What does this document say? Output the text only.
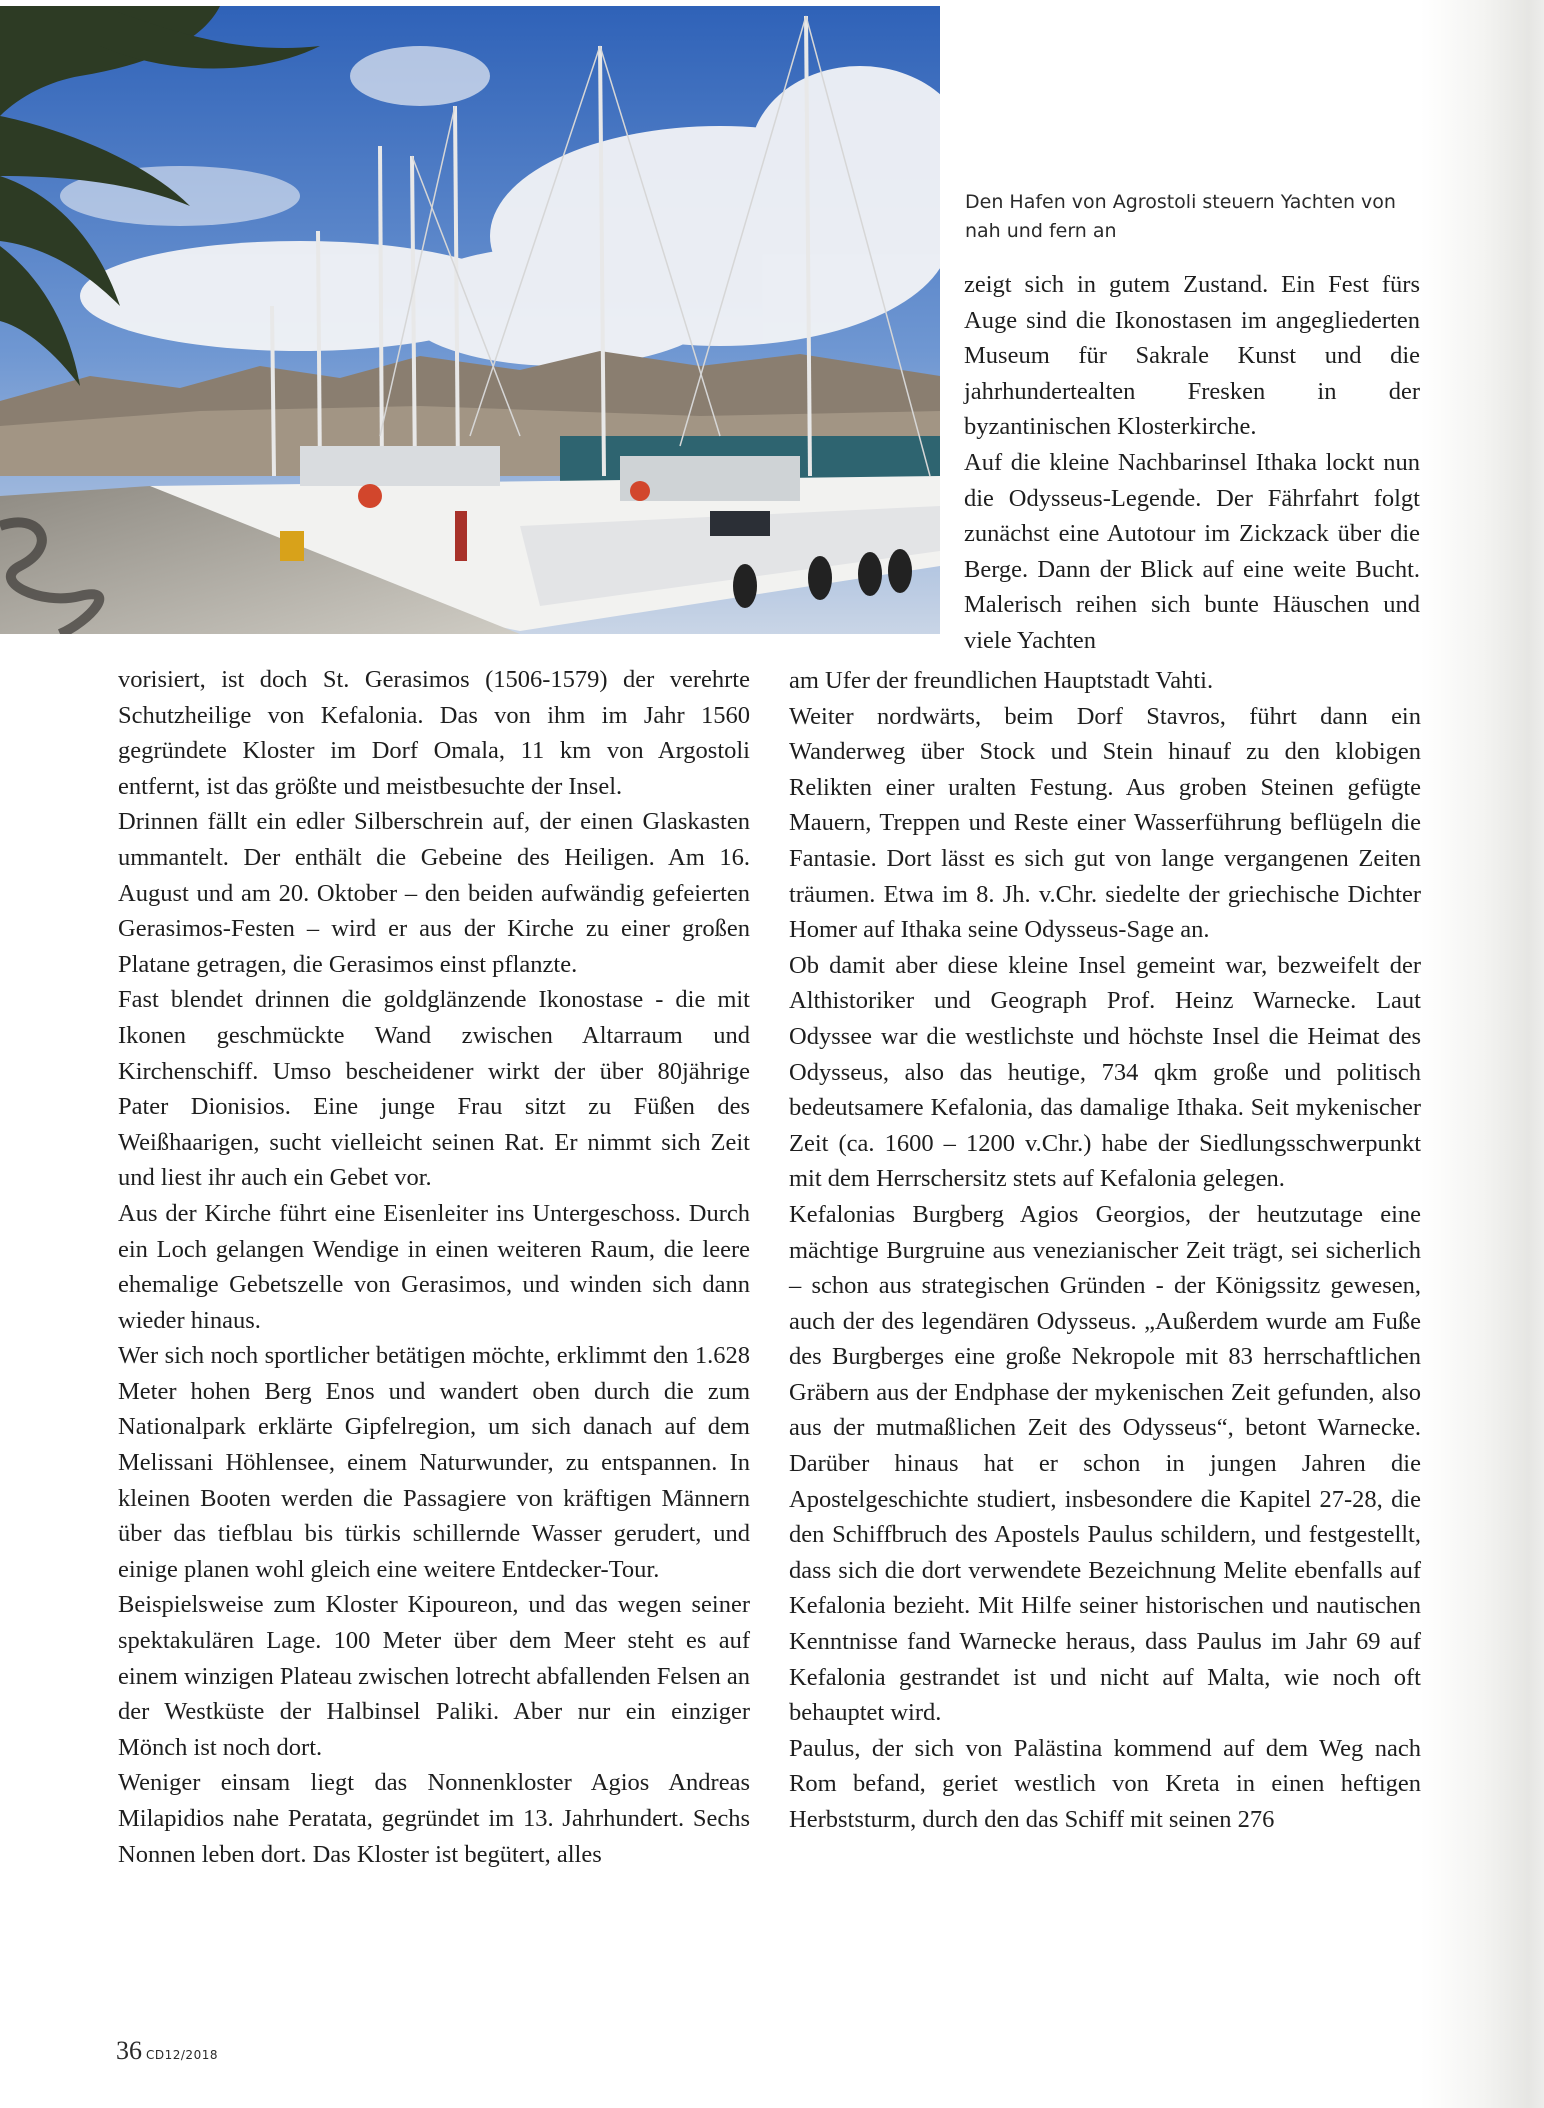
Den Hafen von Agrostoli steuern Yachten von
nah und fern an

zeigt sich in gutem Zustand. Ein Fest fürs Auge sind die Ikonostasen im angegliederten Museum für Sakrale Kunst und die jahrhundertealten Fresken in der byzantinischen Klosterkirche.

Auf die kleine Nachbarinsel Ithaka lockt nun die Odysseus-Legende. Der Fährfahrt folgt zunächst eine Autotour im Zickzack über die Berge. Dann der Blick auf eine weite Bucht. Malerisch reihen sich bunte Häuschen und viele Yachten

vorisiert, ist doch St. Gerasimos (1506-1579) der verehrte Schutzheilige von Kefalonia. Das von ihm im Jahr 1560 gegründete Kloster im Dorf Omala, 11 km von Argostoli entfernt, ist das größte und meistbesuchte der Insel.

Drinnen fällt ein edler Silberschrein auf, der einen Glaskasten ummantelt. Der enthält die Gebeine des Heiligen. Am 16. August und am 20. Oktober – den beiden aufwändig gefeierten Gerasimos-Festen – wird er aus der Kirche zu einer großen Platane getragen, die Gerasimos einst pflanzte.

Fast blendet drinnen die goldglänzende Ikonostase - die mit Ikonen geschmückte Wand zwischen Altarraum und Kirchenschiff. Umso bescheidener wirkt der über 80jährige Pater Dionisios. Eine junge Frau sitzt zu Füßen des Weißhaarigen, sucht vielleicht seinen Rat. Er nimmt sich Zeit und liest ihr auch ein Gebet vor.

Aus der Kirche führt eine Eisenleiter ins Untergeschoss. Durch ein Loch gelangen Wendige in einen weiteren Raum, die leere ehemalige Gebetszelle von Gerasimos, und winden sich dann wieder hinaus.

Wer sich noch sportlicher betätigen möchte, erklimmt den 1.628 Meter hohen Berg Enos und wandert oben durch die zum Nationalpark erklärte Gipfelregion, um sich danach auf dem Melissani Höhlensee, einem Naturwunder, zu entspannen. In kleinen Booten werden die Passagiere von kräftigen Männern über das tiefblau bis türkis schillernde Wasser gerudert, und einige planen wohl gleich eine weitere Entdecker-Tour.

Beispielsweise zum Kloster Kipoureon, und das wegen seiner spektakulären Lage. 100 Meter über dem Meer steht es auf einem winzigen Plateau zwischen lotrecht abfallenden Felsen an der Westküste der Halbinsel Paliki. Aber nur ein einziger Mönch ist noch dort.

Weniger einsam liegt das Nonnenkloster Agios Andreas Milapidios nahe Peratata, gegründet im 13. Jahrhundert. Sechs Nonnen leben dort. Das Kloster ist begütert, alles

am Ufer der freundlichen Hauptstadt Vahti.

Weiter nordwärts, beim Dorf Stavros, führt dann ein Wanderweg über Stock und Stein hinauf zu den klobigen Relikten einer uralten Festung. Aus groben Steinen gefügte Mauern, Treppen und Reste einer Wasserführung beflügeln die Fantasie. Dort lässt es sich gut von lange vergangenen Zeiten träumen. Etwa im 8. Jh. v.Chr. siedelte der griechische Dichter Homer auf Ithaka seine Odysseus-Sage an.

Ob damit aber diese kleine Insel gemeint war, bezweifelt der Althistoriker und Geograph Prof. Heinz Warnecke. Laut Odyssee war die westlichste und höchste Insel die Heimat des Odysseus, also das heutige, 734 qkm große und politisch bedeutsamere Kefalonia, das damalige Ithaka. Seit mykenischer Zeit (ca. 1600 – 1200 v.Chr.) habe der Siedlungsschwerpunkt mit dem Herrschersitz stets auf Kefalonia gelegen.

Kefalonias Burgberg Agios Georgios, der heutzutage eine mächtige Burgruine aus venezianischer Zeit trägt, sei sicherlich – schon aus strategischen Gründen - der Königssitz gewesen, auch der des legendären Odysseus. „Außerdem wurde am Fuße des Burgberges eine große Nekropole mit 83 herrschaftlichen Gräbern aus der Endphase der mykenischen Zeit gefunden, also aus der mutmaßlichen Zeit des Odysseus“, betont Warnecke. Darüber hinaus hat er schon in jungen Jahren die Apostelgeschichte studiert, insbesondere die Kapitel 27-28, die den Schiffbruch des Apostels Paulus schildern, und festgestellt, dass sich die dort verwendete Bezeichnung Melite ebenfalls auf Kefalonia bezieht. Mit Hilfe seiner historischen und nautischen Kenntnisse fand Warnecke heraus, dass Paulus im Jahr 69 auf Kefalonia gestrandet ist und nicht auf Malta, wie noch oft behauptet wird.

Paulus, der sich von Palästina kommend auf dem Weg nach Rom befand, geriet westlich von Kreta in einen heftigen Herbststurm, durch den das Schiff mit seinen 276

36 CD12/2018
